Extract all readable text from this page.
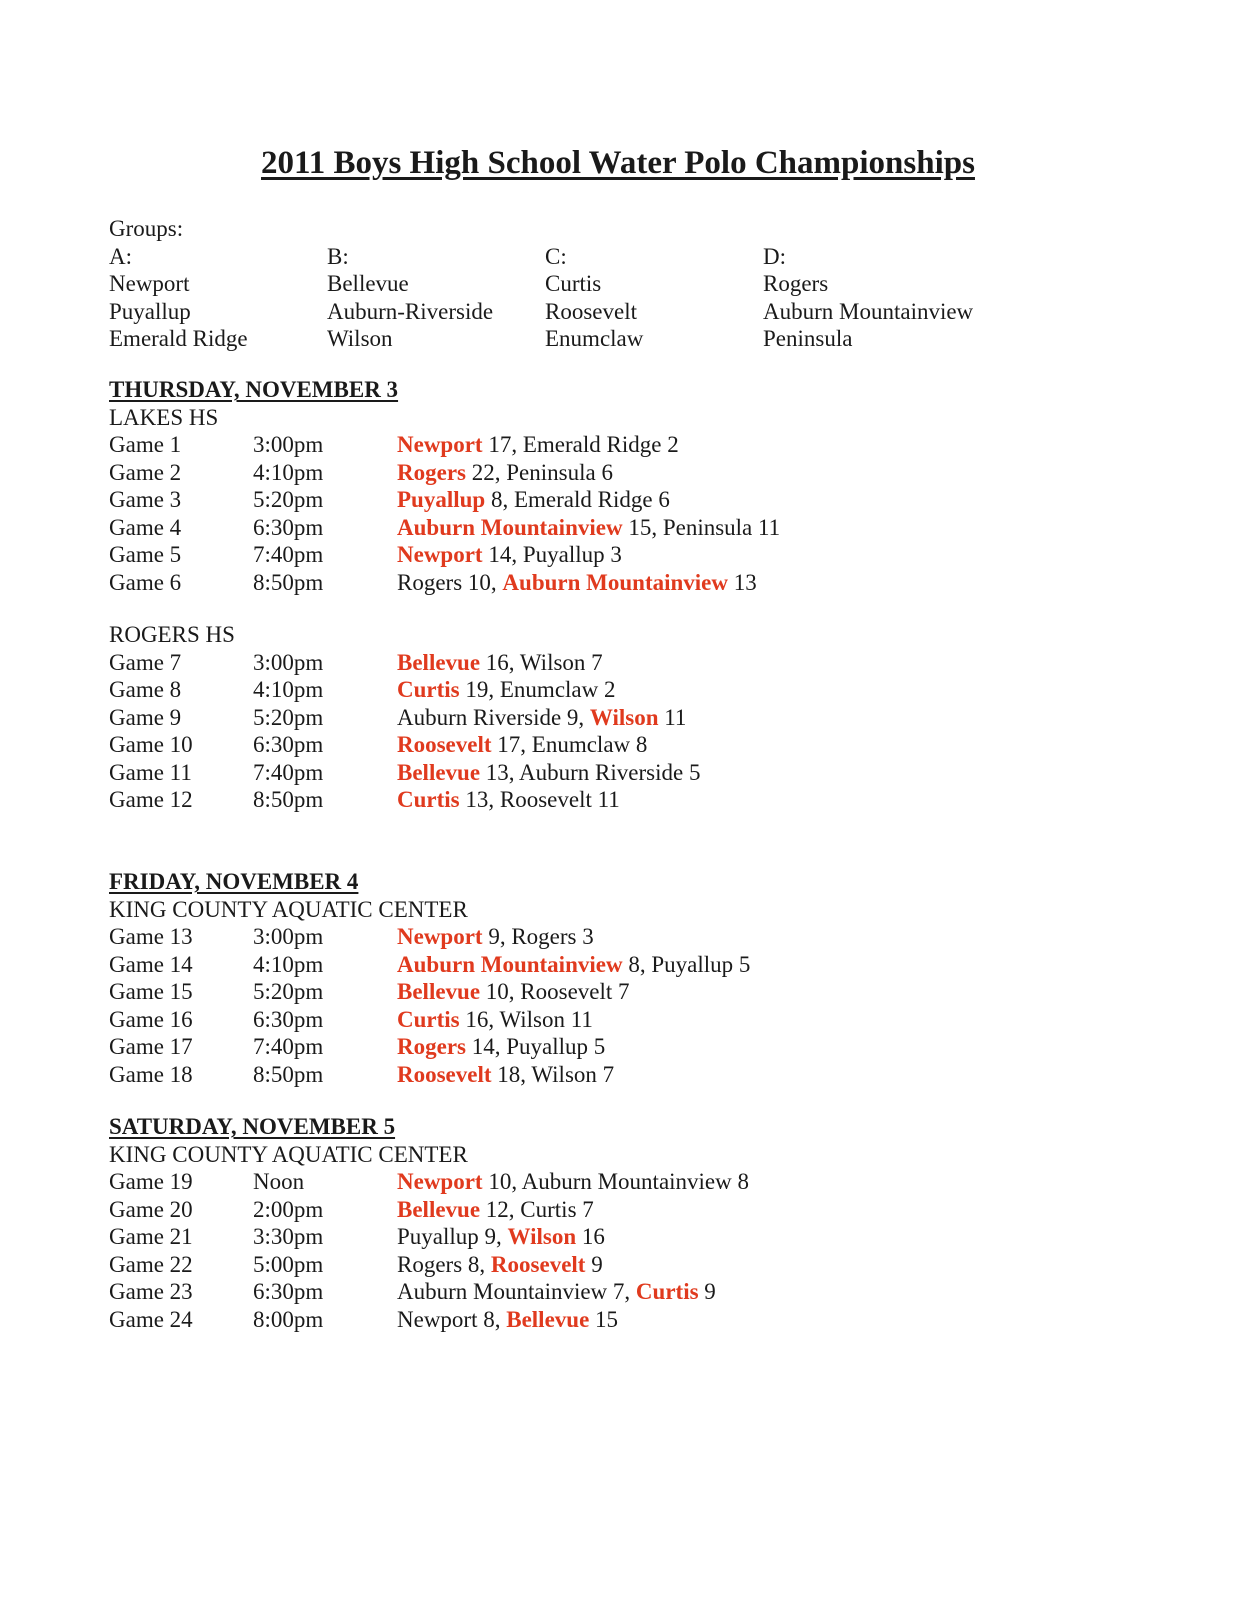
2011 Boys High School Water Polo Championships
Groups:
A:
Newport
Puyallup
Emerald Ridge
B:
Bellevue
Auburn-Riverside
Wilson
C:
Curtis
Roosevelt
Enumclaw
D:
Rogers
Auburn Mountainview
Peninsula
THURSDAY, NOVEMBER 3
LAKES HS
Game 1	3:00pm	Newport 17, Emerald Ridge 2
Game 2	4:10pm	Rogers 22, Peninsula 6
Game 3	5:20pm	Puyallup 8, Emerald Ridge 6
Game 4	6:30pm	Auburn Mountainview 15, Peninsula 11
Game 5	7:40pm	Newport 14, Puyallup 3
Game 6	8:50pm	Rogers 10, Auburn Mountainview 13
ROGERS HS
Game 7	3:00pm	Bellevue 16, Wilson 7
Game 8	4:10pm	Curtis 19, Enumclaw 2
Game 9	5:20pm	Auburn Riverside 9, Wilson 11
Game 10	6:30pm	Roosevelt 17, Enumclaw 8
Game 11	7:40pm	Bellevue 13, Auburn Riverside 5
Game 12	8:50pm	Curtis 13, Roosevelt 11
FRIDAY, NOVEMBER 4
KING COUNTY AQUATIC CENTER
Game 13	3:00pm	Newport 9, Rogers 3
Game 14	4:10pm	Auburn Mountainview 8, Puyallup 5
Game 15	5:20pm	Bellevue 10, Roosevelt 7
Game 16	6:30pm	Curtis 16, Wilson 11
Game 17	7:40pm	Rogers 14, Puyallup 5
Game 18	8:50pm	Roosevelt 18, Wilson 7
SATURDAY, NOVEMBER 5
KING COUNTY AQUATIC CENTER
Game 19	Noon	Newport 10, Auburn Mountainview 8
Game 20	2:00pm	Bellevue 12, Curtis 7
Game 21	3:30pm	Puyallup 9, Wilson 16
Game 22	5:00pm	Rogers 8, Roosevelt 9
Game 23	6:30pm	Auburn Mountainview 7, Curtis 9
Game 24	8:00pm	Newport 8, Bellevue 15
